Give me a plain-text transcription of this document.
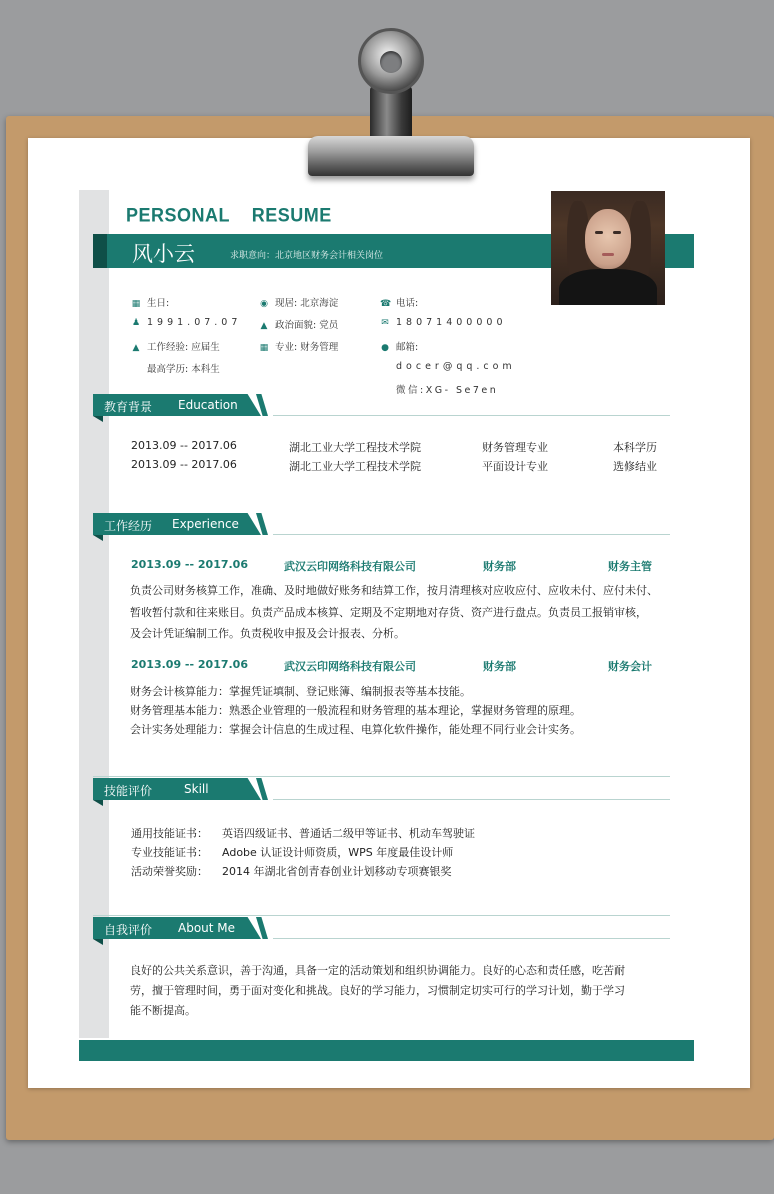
PERSONAL    RESUME
风小云	求职意向：北京地区财务会计相关岗位
▦ 生日:
♟ 1991.07.07
▲ 工作经验: 应届生
最高学历: 本科生
◉ 现居: 北京海淀
▲ 政治面貌: 党员
▦ 专业: 财务管理
☎ 电话:
✉ 18071400000
● 邮箱:
docer@qq.com
微信:XG- Se7en
教育背景 Education
2013.09 -- 2017.06	湖北工业大学工程技术学院	财务管理专业	本科学历
2013.09 -- 2017.06	湖北工业大学工程技术学院	平面设计专业	选修结业
工作经历 Experience
2013.09 -- 2017.06	武汉云印网络科技有限公司	财务部	财务主管
负责公司财务核算工作，准确、及时地做好账务和结算工作，按月清理核对应收应付、应收未付、应付未付、
暂收暂付款和往来账目。负责产品成本核算、定期及不定期地对存货、资产进行盘点。负责员工报销审核，
及会计凭证编制工作。负责税收申报及会计报表、分析。
2013.09 -- 2017.06	武汉云印网络科技有限公司	财务部	财务会计
财务会计核算能力：掌握凭证填制、登记账簿、编制报表等基本技能。
财务管理基本能力：熟悉企业管理的一般流程和财务管理的基本理论，掌握财务管理的原理。
会计实务处理能力：掌握会计信息的生成过程、电算化软件操作，能处理不同行业会计实务。
技能评价	Skill
通用技能证书： 英语四级证书、普通话二级甲等证书、机动车驾驶证
专业技能证书： Adobe 认证设计师资质，WPS 年度最佳设计师
活动荣誉奖励： 2014 年湖北省创青春创业计划移动专项赛银奖
自我评价 About Me
良好的公共关系意识，善于沟通，具备一定的活动策划和组织协调能力。良好的心态和责任感，吃苦耐
劳，擅于管理时间，勇于面对变化和挑战。良好的学习能力，习惯制定切实可行的学习计划，勤于学习
能不断提高。
